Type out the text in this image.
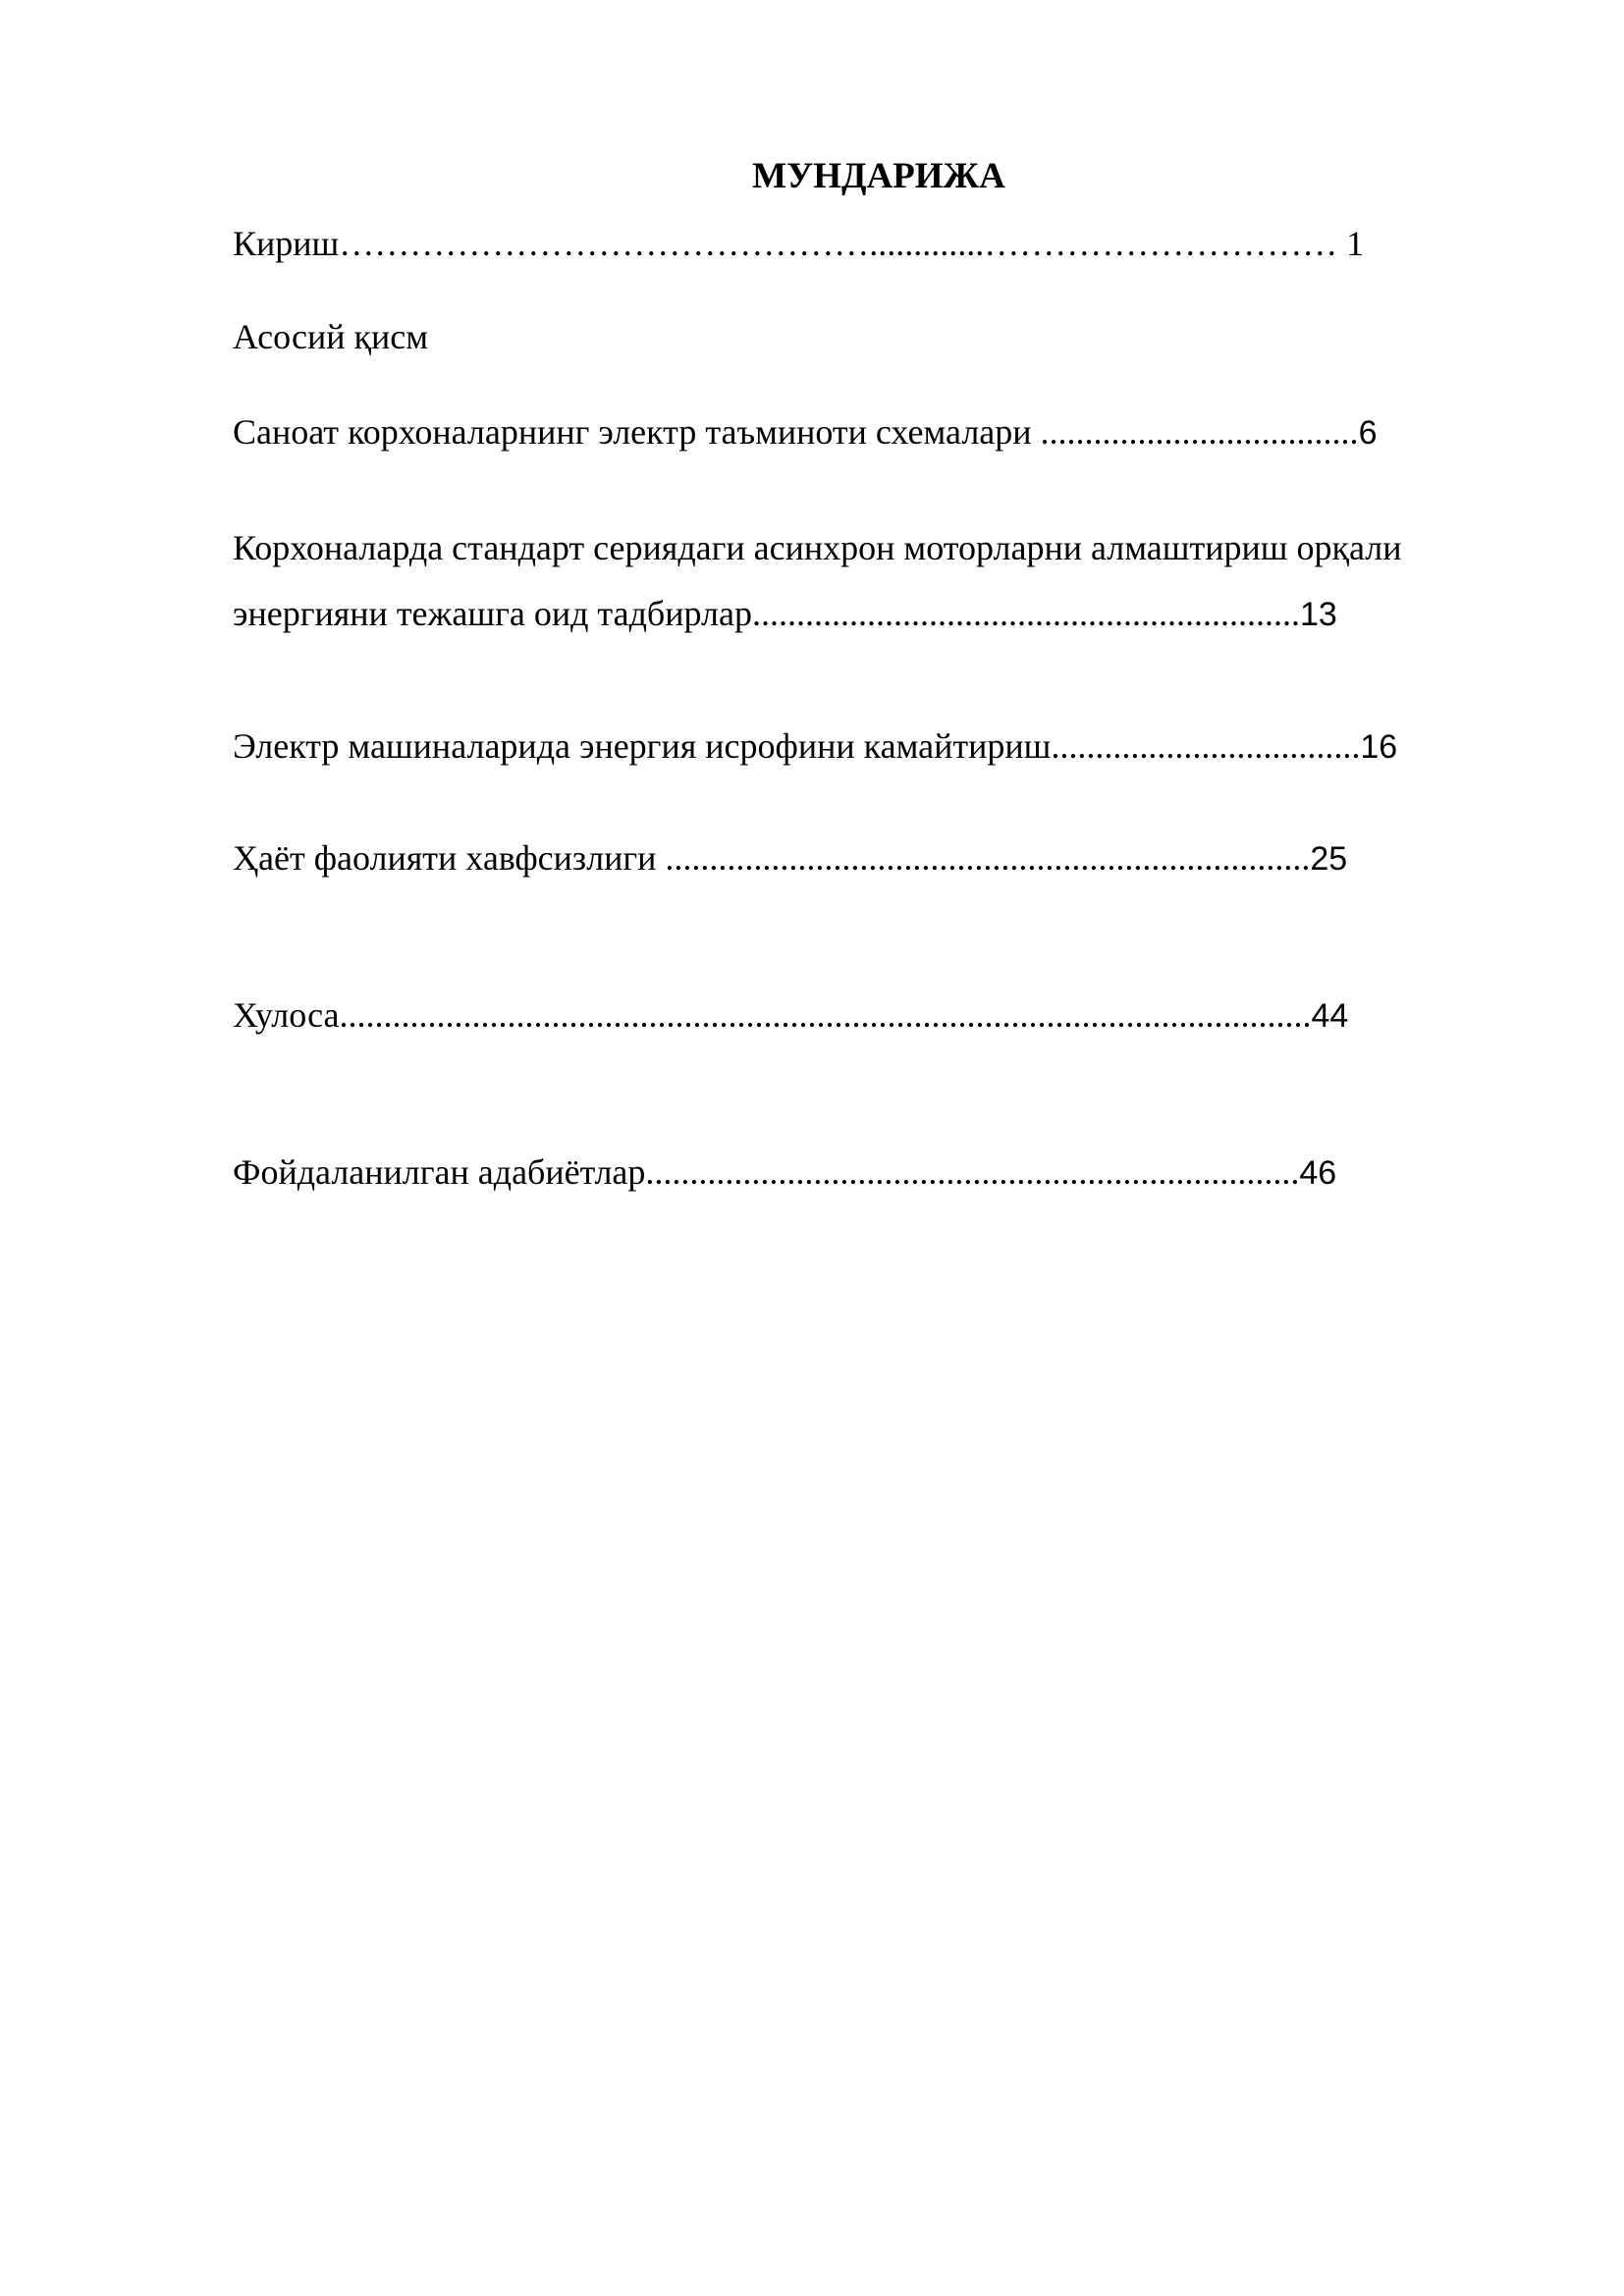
МУНДАРИЖА
Кириш……………………………………….............………………………… 1
Асосий қисм
Саноат корхоналарнинг электр таъминоти схемалари ....................................6
Корхоналарда стандарт сериядаги асинхрон моторларни алмаштириш орқали
энергияни тежашга оид тадбирлар..............................................................13
Электр машиналарида энергия исрофини камайтириш...................................16
Ҳаёт фаолияти хавфсизлиги .........................................................................25
Хулоса..............................................................................................................44
Фойдаланилган адабиётлар..........................................................................46
